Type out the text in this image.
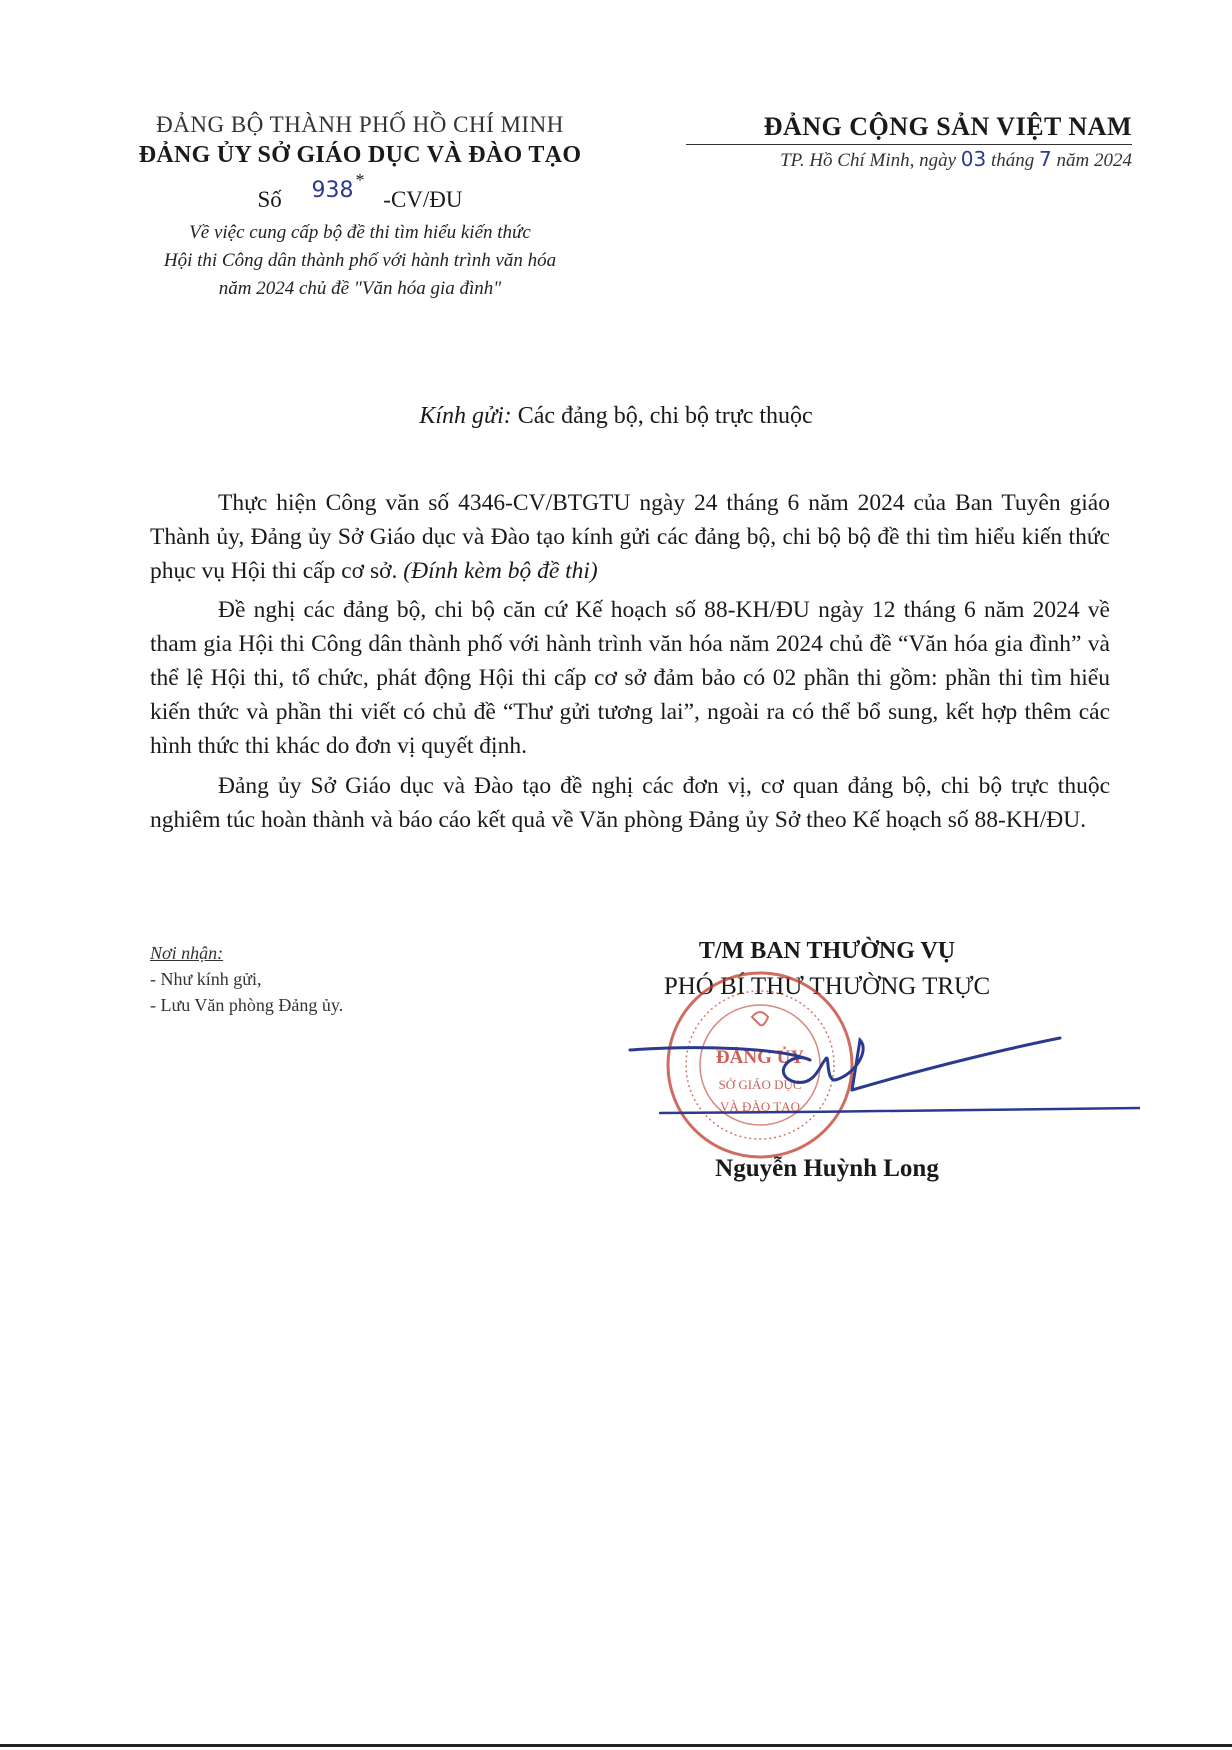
ĐẢNG BỘ THÀNH PHỐ HỒ CHÍ MINH
ĐẢNG ỦY SỞ GIÁO DỤC VÀ ĐÀO TẠO
*
Số 938 -CV/ĐU
Về việc cung cấp bộ đề thi tìm hiểu kiến thức
Hội thi Công dân thành phố với hành trình văn hóa
năm 2024 chủ đề "Văn hóa gia đình"
ĐẢNG CỘNG SẢN VIỆT NAM
TP. Hồ Chí Minh, ngày 03 tháng 7 năm 2024
Kính gửi: Các đảng bộ, chi bộ trực thuộc
Thực hiện Công văn số 4346-CV/BTGTU ngày 24 tháng 6 năm 2024 của Ban Tuyên giáo Thành ủy, Đảng ủy Sở Giáo dục và Đào tạo kính gửi các đảng bộ, chi bộ bộ đề thi tìm hiểu kiến thức phục vụ Hội thi cấp cơ sở. (Đính kèm bộ đề thi)
Đề nghị các đảng bộ, chi bộ căn cứ Kế hoạch số 88-KH/ĐU ngày 12 tháng 6 năm 2024 về tham gia Hội thi Công dân thành phố với hành trình văn hóa năm 2024 chủ đề “Văn hóa gia đình” và thể lệ Hội thi, tổ chức, phát động Hội thi cấp cơ sở đảm bảo có 02 phần thi gồm: phần thi tìm hiểu kiến thức và phần thi viết có chủ đề “Thư gửi tương lai”, ngoài ra có thể bổ sung, kết hợp thêm các hình thức thi khác do đơn vị quyết định.
Đảng ủy Sở Giáo dục và Đào tạo đề nghị các đơn vị, cơ quan đảng bộ, chi bộ trực thuộc nghiêm túc hoàn thành và báo cáo kết quả về Văn phòng Đảng ủy Sở theo Kế hoạch số 88-KH/ĐU.
Nơi nhận:
- Như kính gửi,
- Lưu Văn phòng Đảng ủy.
T/M BAN THƯỜNG VỤ
PHÓ BÍ THƯ THƯỜNG TRỰC
ĐẢNG ỦY
SỞ GIÁO DỤC
VÀ ĐÀO TẠO
Nguyễn Huỳnh Long
